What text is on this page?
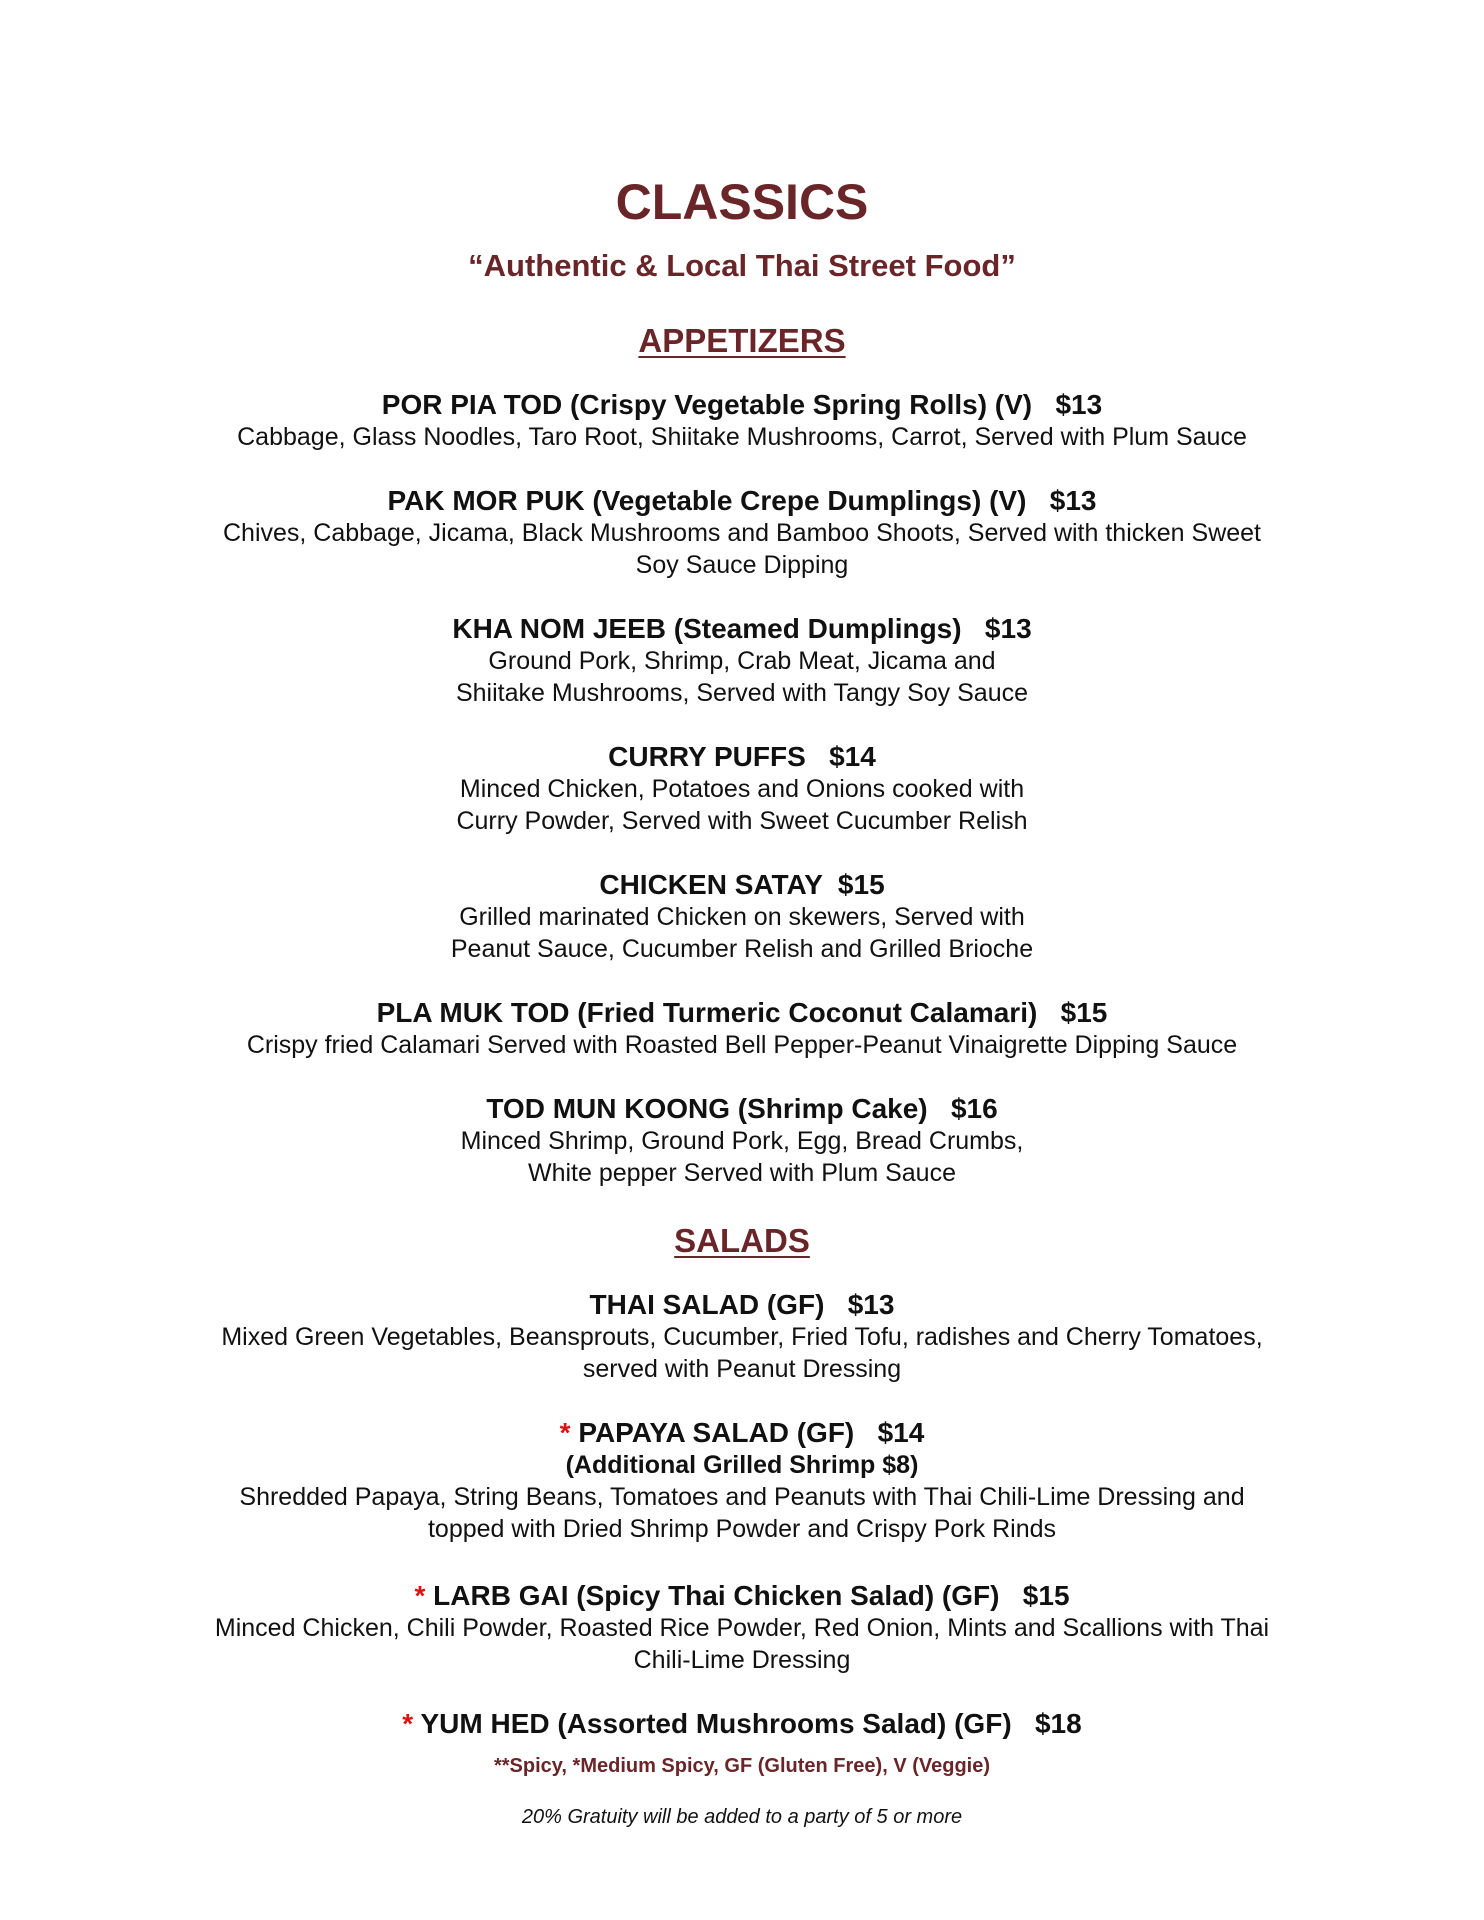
CLASSICS
“Authentic & Local Thai Street Food”
APPETIZERS
POR PIA TOD (Crispy Vegetable Spring Rolls) (V)   $13
Cabbage, Glass Noodles, Taro Root, Shiitake Mushrooms, Carrot, Served with Plum Sauce
PAK MOR PUK (Vegetable Crepe Dumplings) (V)   $13
Chives, Cabbage, Jicama, Black Mushrooms and Bamboo Shoots, Served with thicken Sweet
Soy Sauce Dipping
KHA NOM JEEB (Steamed Dumplings)   $13
Ground Pork, Shrimp, Crab Meat, Jicama and
Shiitake Mushrooms, Served with Tangy Soy Sauce
CURRY PUFFS   $14
Minced Chicken, Potatoes and Onions cooked with
Curry Powder, Served with Sweet Cucumber Relish
CHICKEN SATAY  $15
Grilled marinated Chicken on skewers, Served with
Peanut Sauce, Cucumber Relish and Grilled Brioche
PLA MUK TOD (Fried Turmeric Coconut Calamari)   $15
Crispy fried Calamari Served with Roasted Bell Pepper-Peanut Vinaigrette Dipping Sauce
TOD MUN KOONG (Shrimp Cake)   $16
Minced Shrimp, Ground Pork, Egg, Bread Crumbs,
White pepper Served with Plum Sauce
SALADS
THAI SALAD (GF)   $13
Mixed Green Vegetables, Beansprouts, Cucumber, Fried Tofu, radishes and Cherry Tomatoes,
served with Peanut Dressing
* PAPAYA SALAD (GF)   $14
(Additional Grilled Shrimp $8)
Shredded Papaya, String Beans, Tomatoes and Peanuts with Thai Chili-Lime Dressing and
topped with Dried Shrimp Powder and Crispy Pork Rinds
* LARB GAI (Spicy Thai Chicken Salad) (GF)   $15
Minced Chicken, Chili Powder, Roasted Rice Powder, Red Onion, Mints and Scallions with Thai
Chili-Lime Dressing
* YUM HED (Assorted Mushrooms Salad) (GF)   $18
**Spicy, *Medium Spicy, GF (Gluten Free), V (Veggie)
20% Gratuity will be added to a party of 5 or more
